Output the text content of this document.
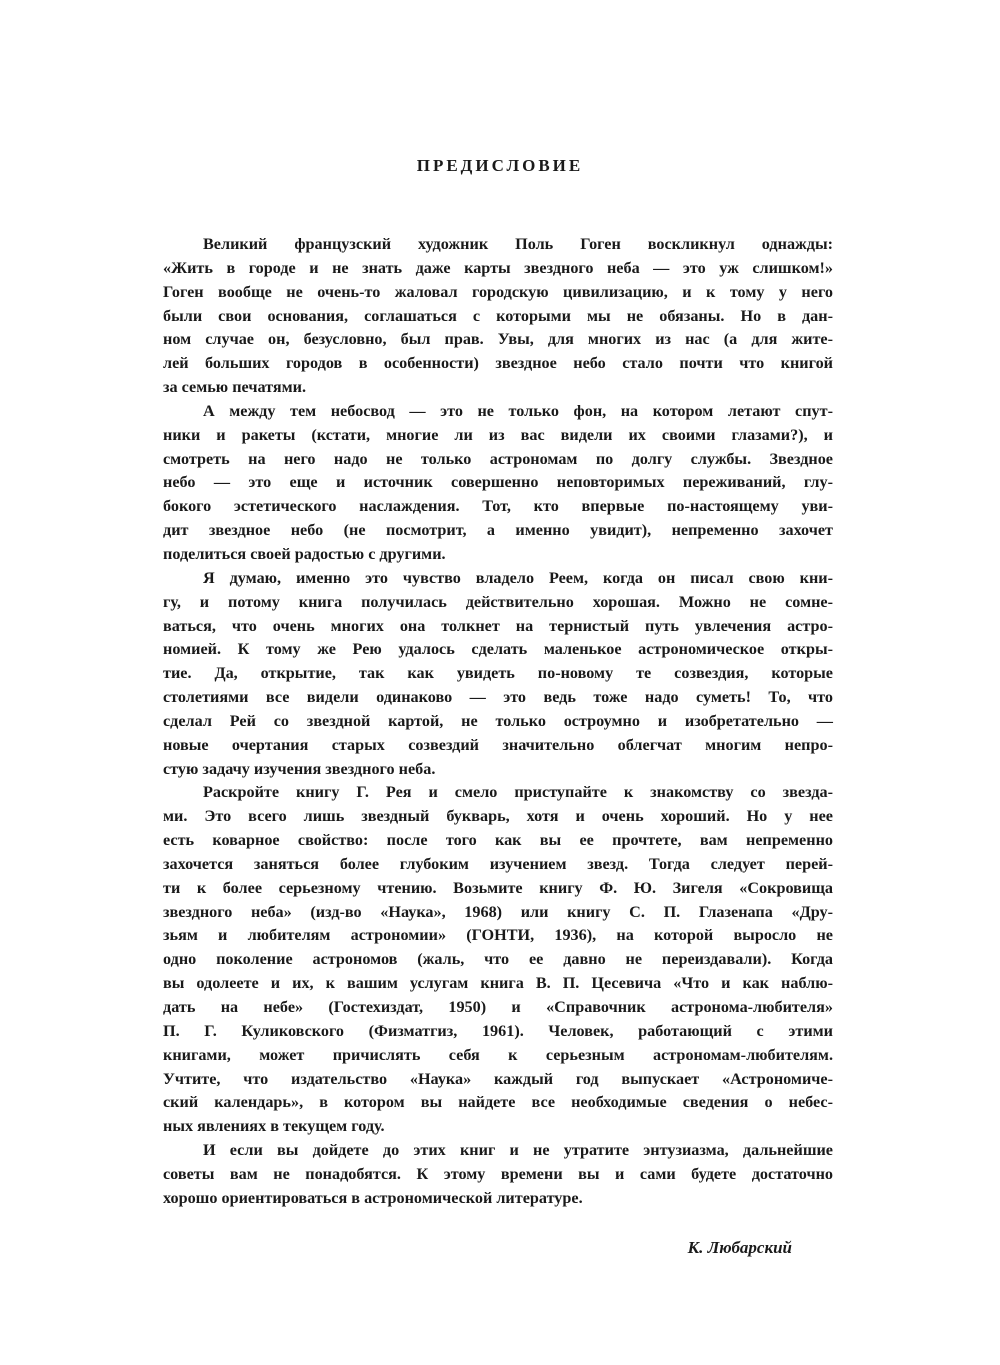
ПРЕДИСЛОВИЕ
Великий французский художник Поль Гоген воскликнул однажды:
«Жить в городе и не знать даже карты звездного неба — это уж слишком!»
Гоген вообще не очень-то жаловал городскую цивилизацию, и к тому у него
были свои основания, соглашаться с которыми мы не обязаны. Но в дан-
ном случае он, безусловно, был прав. Увы, для многих из нас (а для жите-
лей больших городов в особенности) звездное небо стало почти что книгой
за семью печатями.
А между тем небосвод — это не только фон, на котором летают спут-
ники и ракеты (кстати, многие ли из вас видели их своими глазами?), и
смотреть на него надо не только астрономам по долгу службы. Звездное
небо — это еще и источник совершенно неповторимых переживаний, глу-
бокого эстетического наслаждения. Тот, кто впервые по-настоящему уви-
дит звездное небо (не посмотрит, а именно увидит), непременно захочет
поделиться своей радостью с другими.
Я думаю, именно это чувство владело Реем, когда он писал свою кни-
гу, и потому книга получилась действительно хорошая. Можно не сомне-
ваться, что очень многих она толкнет на тернистый путь увлечения астро-
номией. К тому же Рею удалось сделать маленькое астрономическое откры-
тие. Да, открытие, так как увидеть по-новому те созвездия, которые
столетиями все видели одинаково — это ведь тоже надо суметь! То, что
сделал Рей со звездной картой, не только остроумно и изобретательно —
новые очертания старых созвездий значительно облегчат многим непро-
стую задачу изучения звездного неба.
Раскройте книгу Г. Рея и смело приступайте к знакомству со звезда-
ми. Это всего лишь звездный букварь, хотя и очень хороший. Но у нее
есть коварное свойство: после того как вы ее прочтете, вам непременно
захочется заняться более глубоким изучением звезд. Тогда следует перей-
ти к более серьезному чтению. Возьмите книгу Ф. Ю. Зигеля «Сокровища
звездного неба» (изд-во «Наука», 1968) или книгу С. П. Глазенапа «Дру-
зьям и любителям астрономии» (ГОНТИ, 1936), на которой выросло не
одно поколение астрономов (жаль, что ее давно не переиздавали). Когда
вы одолеете и их, к вашим услугам книга В. П. Цесевича «Что и как наблю-
дать на небе» (Гостехиздат, 1950) и «Справочник астронома-любителя»
П. Г. Куликовского (Физматгиз, 1961). Человек, работающий с этими
книгами, может причислять себя к серьезным астрономам-любителям.
Учтите, что издательство «Наука» каждый год выпускает «Астрономиче-
ский календарь», в котором вы найдете все необходимые сведения о небес-
ных явлениях в текущем году.
И если вы дойдете до этих книг и не утратите энтузиазма, дальнейшие
советы вам не понадобятся. К этому времени вы и сами будете достаточно
хорошо ориентироваться в астрономической литературе.
К. Любарский
